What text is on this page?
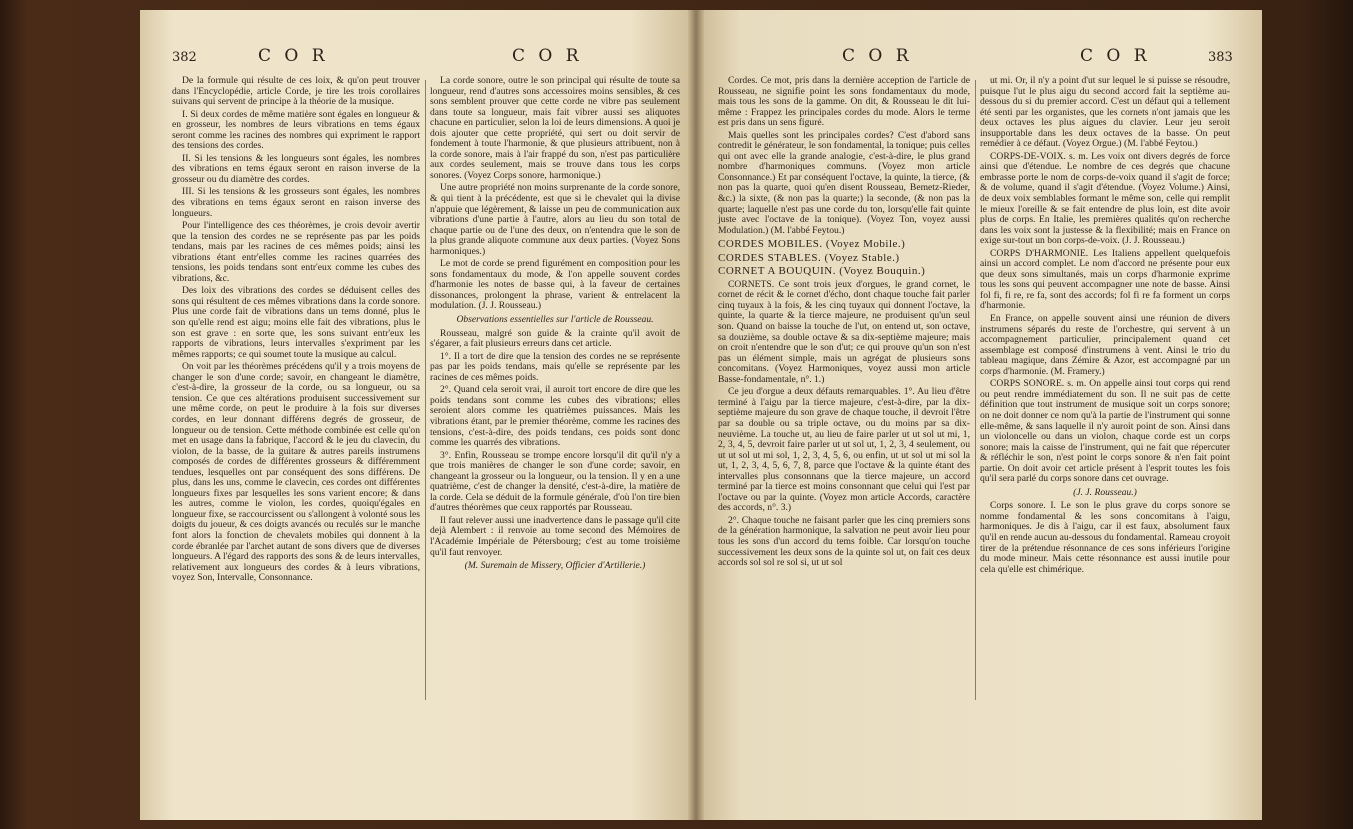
382	C O R	C O R

De la formule qui résulte de ces loix, & qu'on peut trouver dans l'Encyclopédie, article Corde, je tire les trois corollaires suivans qui servent de principe à la théorie de la musique.

I. Si deux cordes de même matière sont égales en longueur & en grosseur, les nombres de leurs vibrations en tems égaux seront comme les racines des nombres qui expriment le rapport des tensions des cordes.

II. Si les tensions & les longueurs sont égales, les nombres des vibrations en tems égaux seront en raison inverse de la grosseur ou du diamètre des cordes.

III. Si les tensions & les grosseurs sont égales, les nombres des vibrations en tems égaux seront en raison inverse des longueurs.

Pour l'intelligence des ces théorèmes, je crois devoir avertir que la tension des cordes ne se représente pas par les poids tendans, mais par les racines de ces mêmes poids; ainsi les vibrations étant entr'elles comme les racines quarrées des tensions, les poids tendans sont entr'eux comme les cubes des vibrations, &c.

Des loix des vibrations des cordes se déduisent celles des sons qui résultent de ces mêmes vibrations dans la corde sonore. Plus une corde fait de vibrations dans un tems donné, plus le son qu'elle rend est aigu; moins elle fait des vibrations, plus le son est grave : en sorte que, les sons suivant entr'eux les rapports de vibrations, leurs intervalles s'expriment par les mêmes rapports; ce qui soumet toute la musique au calcul.

On voit par les théorèmes précédens qu'il y a trois moyens de changer le son d'une corde; savoir, en changeant le diamètre, c'est-à-dire, la grosseur de la corde, ou sa longueur, ou sa tension. Ce que ces altérations produisent successivement sur une même corde, on peut le produire à la fois sur diverses cordes, en leur donnant différens degrés de grosseur, de longueur ou de tension. Cette méthode combinée est celle qu'on met en usage dans la fabrique, l'accord & le jeu du clavecin, du violon, de la basse, de la guitare & autres pareils instrumens composés de cordes de différentes grosseurs & différemment tendues, lesquelles ont par conséquent des sons différens. De plus, dans les uns, comme le clavecin, ces cordes ont différentes longueurs fixes par lesquelles les sons varient encore; & dans les autres, comme le violon, les cordes, quoiqu'égales en longueur fixe, se raccourcissent ou s'allongent à volonté sous les doigts du joueur, & ces doigts avancés ou reculés sur le manche font alors la fonction de chevalets mobiles qui donnent à la corde ébranlée par l'archet autant de sons divers que de diverses longueurs. A l'égard des rapports des sons & de leurs intervalles, relativement aux longueurs des cordes & à leurs vibrations, voyez Son, Intervalle, Consonnance.

La corde sonore, outre le son principal qui résulte de toute sa longueur, rend d'autres sons accessoires moins sensibles, & ces sons semblent prouver que cette corde ne vibre pas seulement dans toute sa longueur, mais fait vibrer aussi ses aliquotes chacune en particulier, selon la loi de leurs dimensions. A quoi je dois ajouter que cette propriété, qui sert ou doit servir de fondement à toute l'harmonie, & que plusieurs attribuent, non à la corde sonore, mais à l'air frappé du son, n'est pas particulière aux cordes seulement, mais se trouve dans tous les corps sonores. (Voyez Corps sonore, harmonique.)

Une autre propriété non moins surprenante de la corde sonore, & qui tient à la précédente, est que si le chevalet qui la divise n'appuie que légèrement, & laisse un peu de communication aux vibrations d'une partie à l'autre, alors au lieu du son total de chaque partie ou de l'une des deux, on n'entendra que le son de la plus grande aliquote commune aux deux parties. (Voyez Sons harmoniques.)

Le mot de corde se prend figurément en composition pour les sons fondamentaux du mode, & l'on appelle souvent cordes d'harmonie les notes de basse qui, à la faveur de certaines dissonances, prolongent la phrase, varient & entrelacent la modulation. (J. J. Rousseau.)

Observations essentielles sur l'article de Rousseau.

Rousseau, malgré son guide & la crainte qu'il avoit de s'égarer, a fait plusieurs erreurs dans cet article.

1°. Il a tort de dire que la tension des cordes ne se représente pas par les poids tendans, mais qu'elle se représente par les racines de ces mêmes poids.

2°. Quand cela seroit vrai, il auroit tort encore de dire que les poids tendans sont comme les cubes des vibrations; elles seroient alors comme les quatrièmes puissances. Mais les vibrations étant, par le premier théorème, comme les racines des tensions, c'est-à-dire, des poids tendans, ces poids sont donc comme les quarrés des vibrations.

3°. Enfin, Rousseau se trompe encore lorsqu'il dit qu'il n'y a que trois manières de changer le son d'une corde; savoir, en changeant la grosseur ou la longueur, ou la tension. Il y en a une quatrième, c'est de changer la densité, c'est-à-dire, la matière de la corde. Cela se déduit de la formule générale, d'où l'on tire bien d'autres théorèmes que ceux rapportés par Rousseau.

Il faut relever aussi une inadvertence dans le passage qu'il cite dejà Alembert : il renvoie au tome second des Mémoires de l'Académie Impériale de Pétersbourg; c'est au tome troisième qu'il faut renvoyer.

(M. Suremain de Missery, Officier d'Artillerie.)

C O R	C O R	383

Cordes. Ce mot, pris dans la dernière acception de l'article de Rousseau, ne signifie point les sons fondamentaux du mode, mais tous les sons de la gamme. On dit, & Rousseau le dit lui-même : Frappez les principales cordes du mode. Alors le terme est pris dans un sens figuré.

Mais quelles sont les principales cordes? C'est d'abord sans contredit le générateur, le son fondamental, la tonique; puis celles qui ont avec elle la grande analogie, c'est-à-dire, le plus grand nombre d'harmoniques communs. (Voyez mon article Consonnance.) Et par conséquent l'octave, la quinte, la tierce, (& non pas la quarte, quoi qu'en disent Rousseau, Bemetz-Rieder, &c.) la sixte, (& non pas la quarte;) la seconde, (& non pas la quarte; laquelle n'est pas une corde du ton, lorsqu'elle fait quinte juste avec l'octave de la tonique). (Voyez Ton, voyez aussi Modulation.) (M. l'abbé Feytou.)

CORDES MOBILES. (Voyez Mobile.)

CORDES STABLES. (Voyez Stable.)

CORNET A BOUQUIN. (Voyez Bouquin.)

CORNETS. Ce sont trois jeux d'orgues, le grand cornet, le cornet de récit & le cornet d'écho, dont chaque touche fait parler cinq tuyaux à la fois, & les cinq tuyaux qui donnent l'octave, la quinte, la quarte & la tierce majeure, ne produisent qu'un seul son. Quand on baisse la touche de l'ut, on entend ut, son octave, sa douzième, sa double octave & sa dix-septième majeure; mais on croit n'entendre que le son d'ut; ce qui prouve qu'un son n'est pas un élément simple, mais un agrégat de plusieurs sons concomitans. (Voyez Harmoniques, voyez aussi mon article Basse-fondamentale, n°. 1.)

Ce jeu d'orgue a deux défauts remarquables. 1°. Au lieu d'être terminé à l'aigu par la tierce majeure, c'est-à-dire, par la dix-septième majeure du son grave de chaque touche, il devroit l'être par sa double ou sa triple octave, ou du moins par sa dix-neuvième. La touche ut, au lieu de faire parler ut ut sol ut mi, 1, 2, 3, 4, 5, devroit faire parler ut ut sol ut, 1, 2, 3, 4 seulement, ou ut ut sol ut mi sol, 1, 2, 3, 4, 5, 6, ou enfin, ut ut sol ut mi sol la ut, 1, 2, 3, 4, 5, 6, 7, 8, parce que l'octave & la quinte étant des intervalles plus consonnans que la tierce majeure, un accord terminé par la tierce est moins consonnant que celui qui l'est par l'octave ou par la quinte. (Voyez mon article Accords, caractère des accords, n°. 3.)

2°. Chaque touche ne faisant parler que les cinq premiers sons de la génération harmonique, la salvation ne peut avoir lieu pour tous les sons d'un accord du tems foible. Car lorsqu'on touche successivement les deux sons de la quinte sol ut, on fait ces deux accords sol sol re sol si, ut ut sol

ut mi. Or, il n'y a point d'ut sur lequel le si puisse se résoudre, puisque l'ut le plus aigu du second accord fait la septième au-dessous du si du premier accord. C'est un défaut qui a tellement été senti par les organistes, que les cornets n'ont jamais que les deux octaves les plus aigues du clavier. Leur jeu seroit insupportable dans les deux octaves de la basse. On peut remédier à ce défaut. (Voyez Orgue.) (M. l'abbé Feytou.)

CORPS-DE-VOIX. s. m. Les voix ont divers degrés de force ainsi que d'étendue. Le nombre de ces degrés que chacune embrasse porte le nom de corps-de-voix quand il s'agit de force; & de volume, quand il s'agit d'étendue. (Voyez Volume.) Ainsi, de deux voix semblables formant le même son, celle qui remplit le mieux l'oreille & se fait entendre de plus loin, est dite avoir plus de corps. En Italie, les premières qualités qu'on recherche dans les voix sont la justesse & la flexibilité; mais en France on exige sur-tout un bon corps-de-voix. (J. J. Rousseau.)

CORPS D'HARMONIE. Les Italiens appellent quelquefois ainsi un accord complet. Le nom d'accord ne présente pour eux que deux sons simultanés, mais un corps d'harmonie exprime tous les sons qui peuvent accompagner une note de basse. Ainsi fol fi, fi re, re fa, sont des accords; fol fi re fa forment un corps d'harmonie.

En France, on appelle souvent ainsi une réunion de divers instrumens séparés du reste de l'orchestre, qui servent à un accompagnement particulier, principalement quand cet assemblage est composé d'instrumens à vent. Ainsi le trio du tableau magique, dans Zémire & Azor, est accompagné par un corps d'harmonie. (M. Framery.)

CORPS SONORE. s. m. On appelle ainsi tout corps qui rend ou peut rendre immédiatement du son. Il ne suit pas de cette définition que tout instrument de musique soit un corps sonore; on ne doit donner ce nom qu'à la partie de l'instrument qui sonne elle-même, & sans laquelle il n'y auroit point de son. Ainsi dans un violoncelle ou dans un violon, chaque corde est un corps sonore; mais la caisse de l'instrument, qui ne fait que répercuter & réfléchir le son, n'est point le corps sonore & n'en fait point partie. On doit avoir cet article présent à l'esprit toutes les fois qu'il sera parlé du corps sonore dans cet ouvrage.

(J. J. Rousseau.)

Corps sonore. I. Le son le plus grave du corps sonore se nomme fondamental & les sons concomitans à l'aigu, harmoniques. Je dis à l'aigu, car il est faux, absolument faux qu'il en rende aucun au-dessous du fondamental. Rameau croyoit tirer de la prétendue résonnance de ces sons inférieurs l'origine du mode mineur. Mais cette résonnance est aussi inutile pour cela qu'elle est chimérique.
